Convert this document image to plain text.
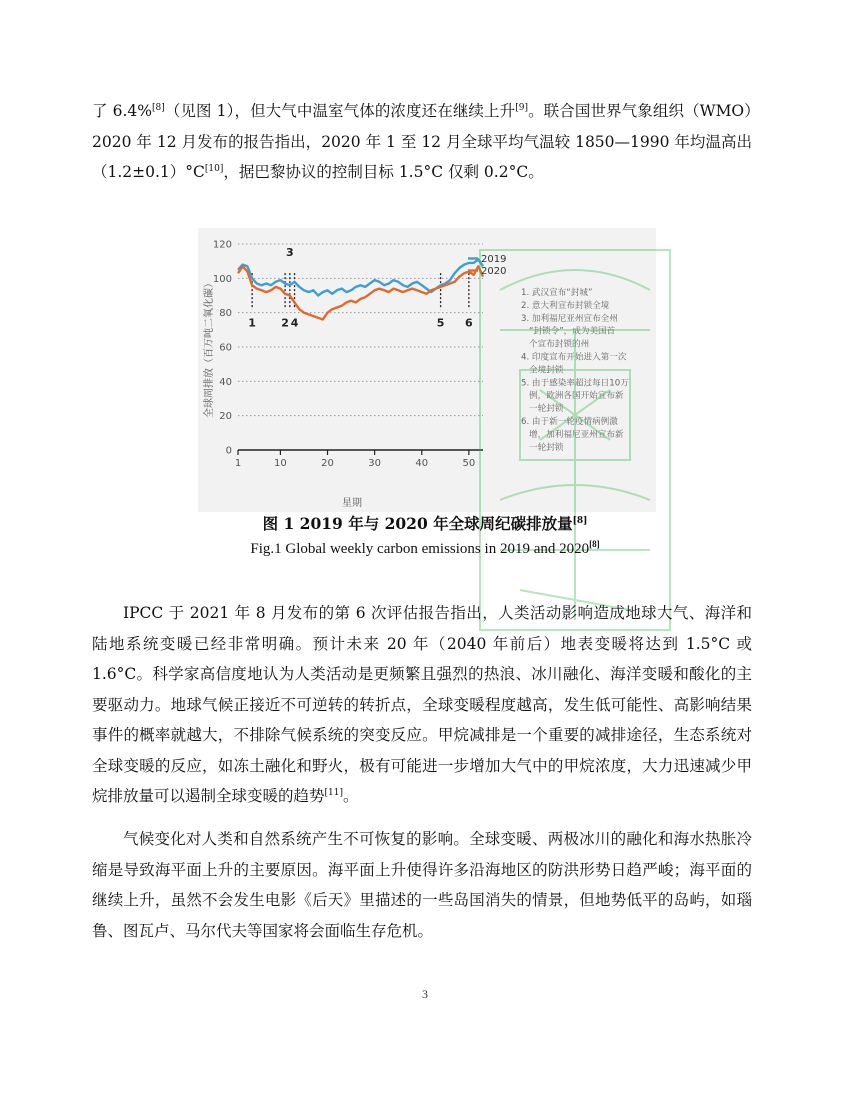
了 6.4%[8]（见图 1），但大气中温室气体的浓度还在继续上升[9]。联合国世界气象组织（WMO）2020 年 12 月发布的报告指出，2020 年 1 至 12 月全球平均气温较 1850—1990 年均温高出（1.2±0.1）°C[10]，据巴黎协议的控制目标 1.5°C 仅剩 0.2°C。

0
20
40
60
80
100
120
1	10	20	30	40	50
1 2
3
4	5 6
2019
2020
全球周排放（百万吨二氧化碳）
星期
1. 武汉宣布“封城”
2. 意大利宣布封锁全境
3. 加利福尼亚州宣布全州
“封锁令”，成为美国首
个宣布封锁的州
4. 印度宣布开始进入第一次
全境封锁
5. 由于感染率超过每日10万
例，欧洲各国开始宣布新
一轮封锁
6. 由于新一轮疫情病例激
增，加利福尼亚州宣布新
一轮封锁
图 1 2019 年与 2020 年全球周纪碳排放量[8]
Fig.1 Global weekly carbon emissions in 2019 and 2020[8]

IPCC 于 2021 年 8 月发布的第 6 次评估报告指出，人类活动影响造成地球大气、海洋和陆地系统变暖已经非常明确。预计未来 20 年（2040 年前后）地表变暖将达到 1.5°C 或 1.6°C。科学家高信度地认为人类活动是更频繁且强烈的热浪、冰川融化、海洋变暖和酸化的主要驱动力。地球气候正接近不可逆转的转折点，全球变暖程度越高，发生低可能性、高影响结果事件的概率就越大，不排除气候系统的突变反应。甲烷减排是一个重要的减排途径，生态系统对全球变暖的反应，如冻土融化和野火，极有可能进一步增加大气中的甲烷浓度，大力迅速减少甲烷排放量可以遏制全球变暖的趋势[11]。

气候变化对人类和自然系统产生不可恢复的影响。全球变暖、两极冰川的融化和海水热胀冷缩是导致海平面上升的主要原因。海平面上升使得许多沿海地区的防洪形势日趋严峻；海平面的继续上升，虽然不会发生电影《后天》里描述的一些岛国消失的情景，但地势低平的岛屿，如瑙鲁、图瓦卢、马尔代夫等国家将会面临生存危机。

3
